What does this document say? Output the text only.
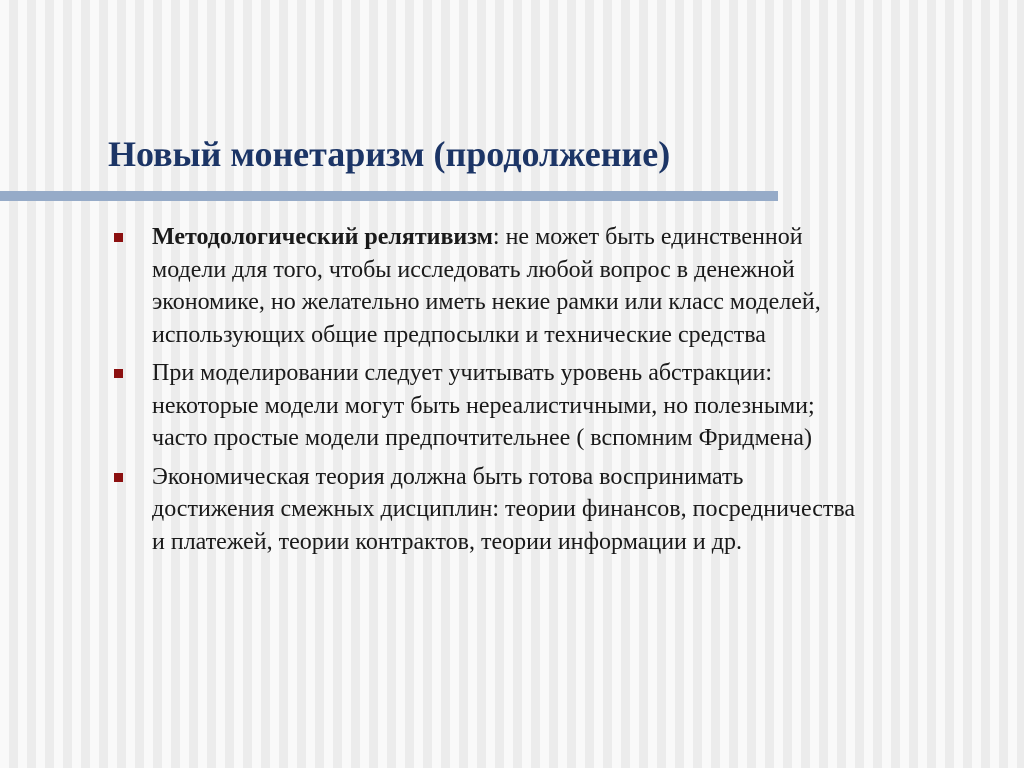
Новый монетаризм (продолжение)
Методологический релятивизм: не может быть единственной
модели для того, чтобы исследовать любой вопрос в денежной
экономике, но желательно иметь некие рамки или класс моделей,
использующих общие предпосылки и технические средства
При моделировании следует учитывать уровень абстракции:
некоторые модели могут быть нереалистичными, но полезными;
часто простые модели предпочтительнее ( вспомним Фридмена)
Экономическая теория должна быть готова воспринимать
достижения смежных дисциплин: теории финансов, посредничества
и платежей, теории контрактов, теории информации и др.
